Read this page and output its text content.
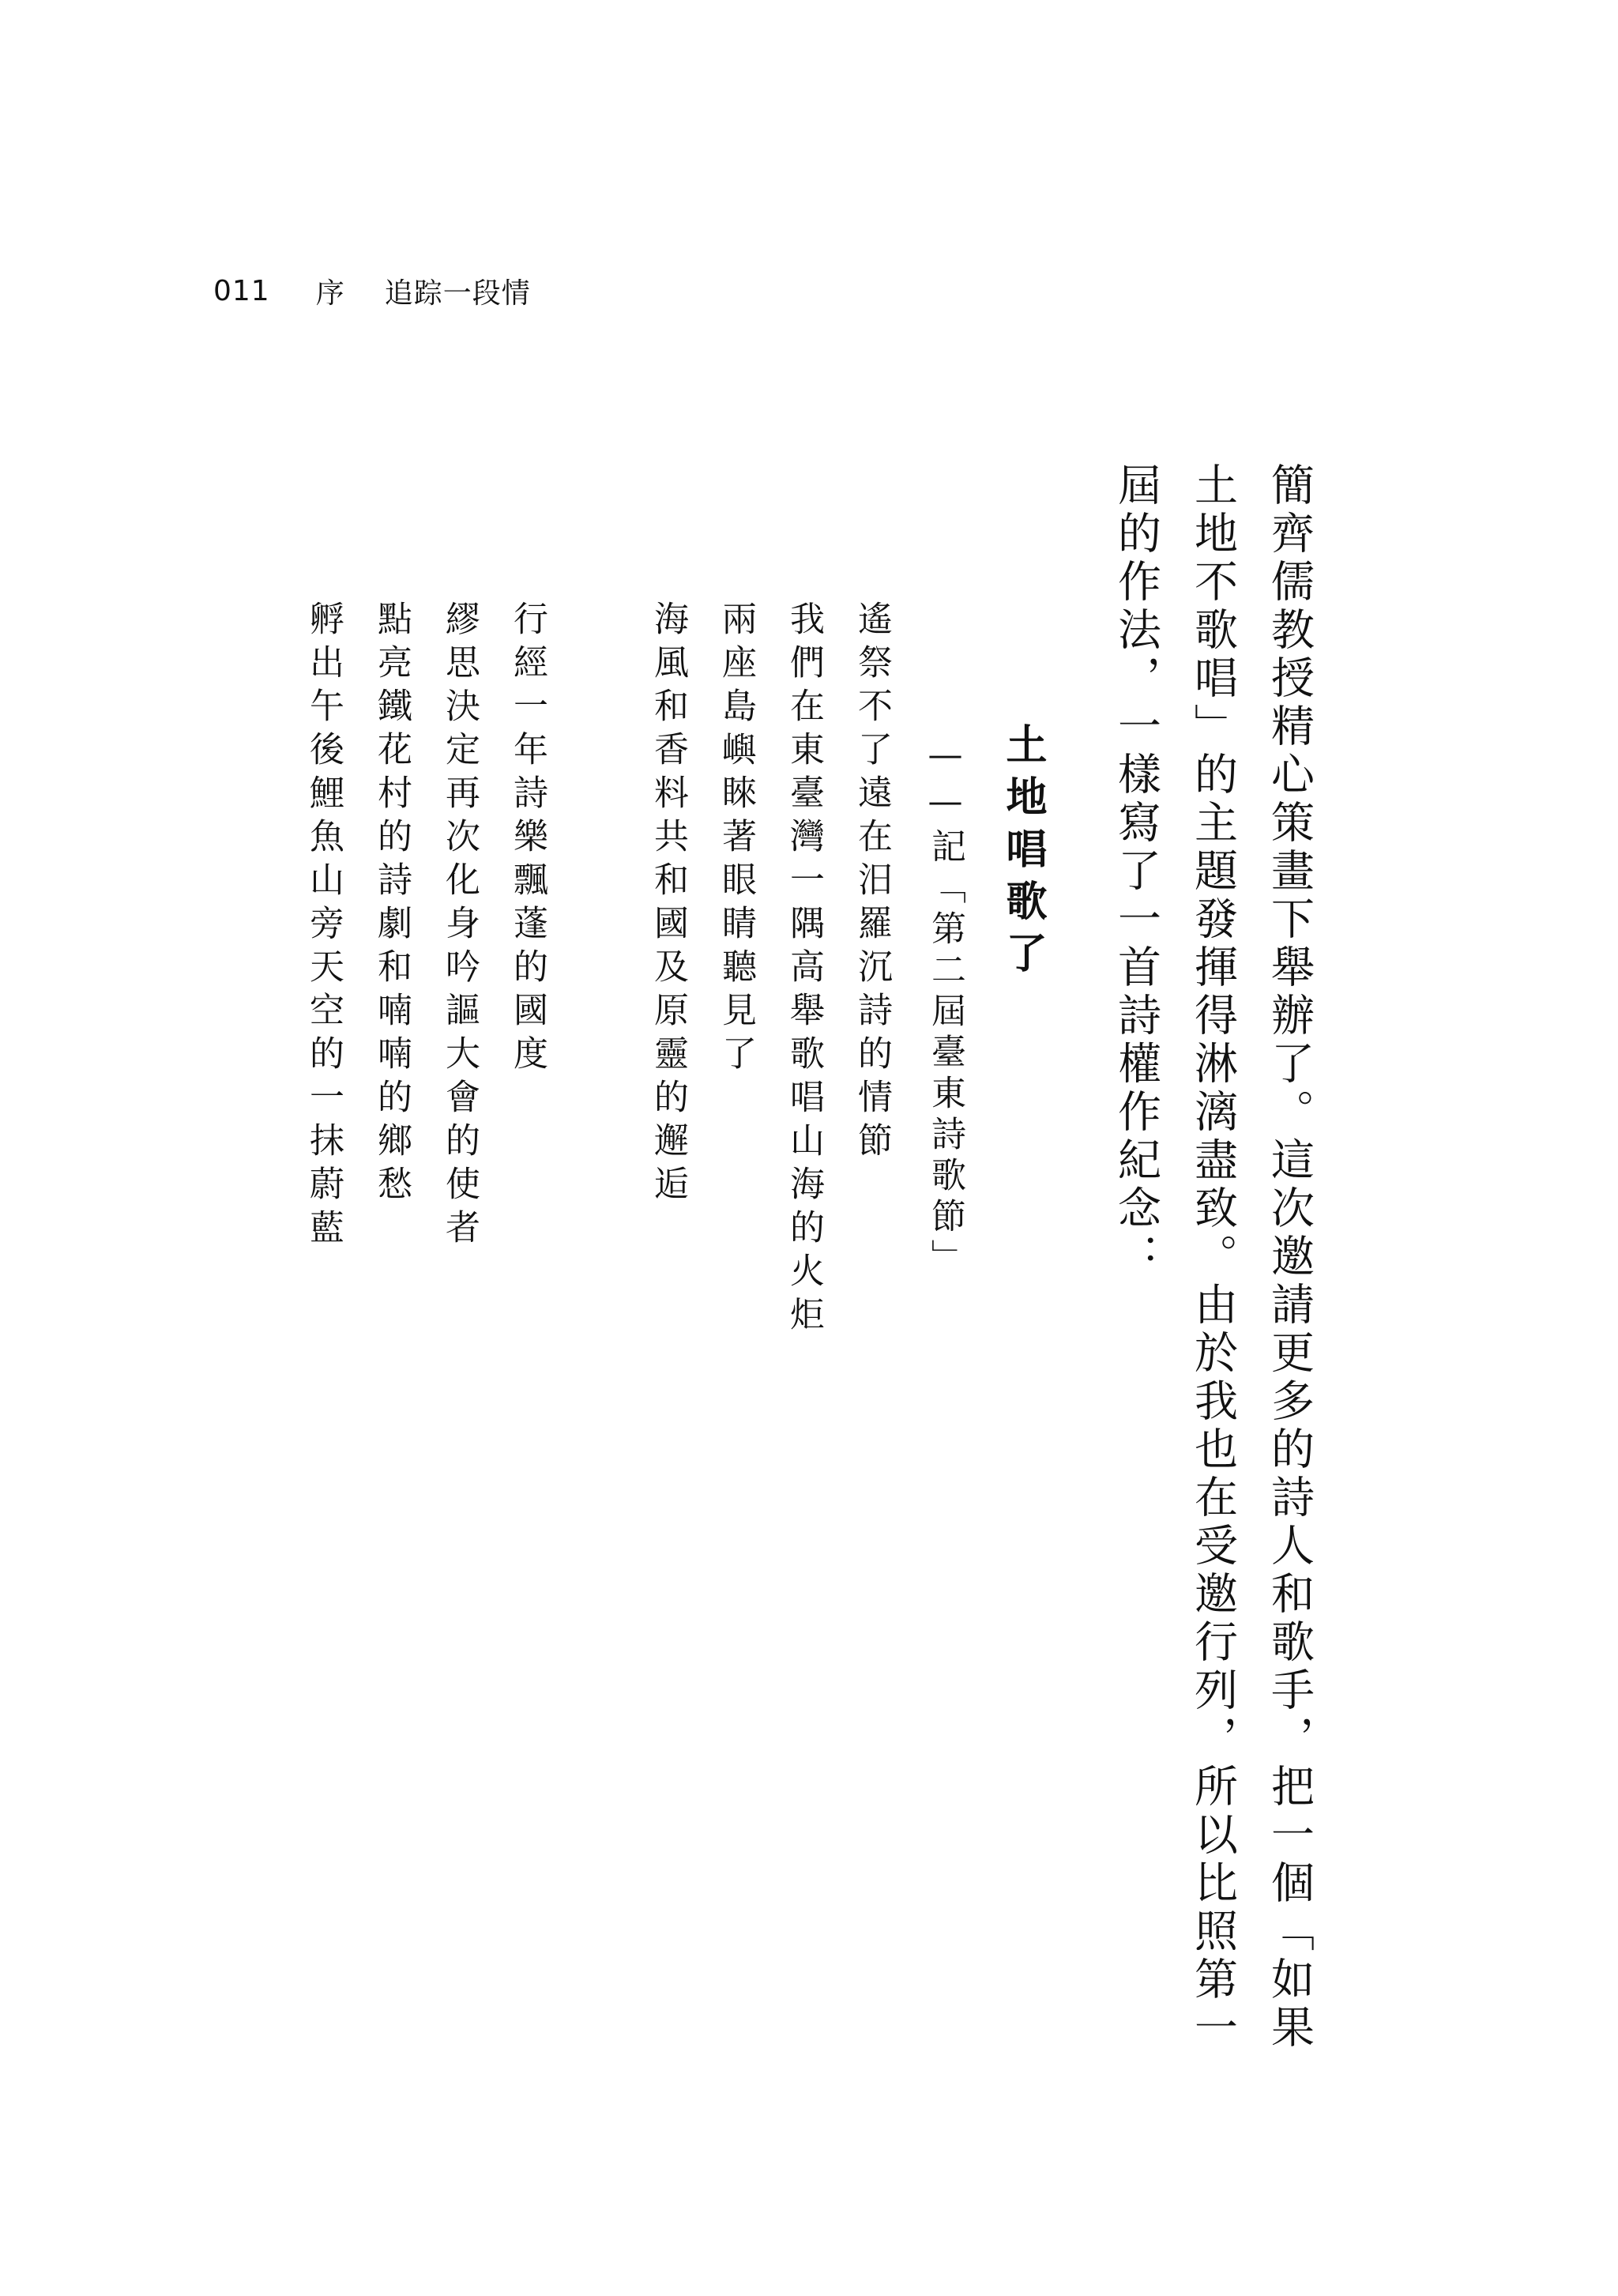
011 序 追踪一段情
簡齊儒教授精心策畫下舉辦了。這次邀請更多的詩人和歌手，把一個「如果
土地不歌唱」的主題發揮得淋漓盡致。由於我也在受邀行列，所以比照第一
屆的作法，一樣寫了一首詩權作紀念：
土地唱歌了
——記「第二屆臺東詩歌節」
遙祭不了遠在汨羅沉詩的情節
我們在東臺灣一隅高舉歌唱山海的火炬
兩座島嶼睞著眼睛聽見了
海風和香料共和國及原靈的邂逅
行經一年詩樂飄蓬的國度
繆思決定再次化身吟謳大會的使者
點亮鐵花村的詩劇和喃喃的鄉愁
孵出午後鯉魚山旁天空的一抹蔚藍
